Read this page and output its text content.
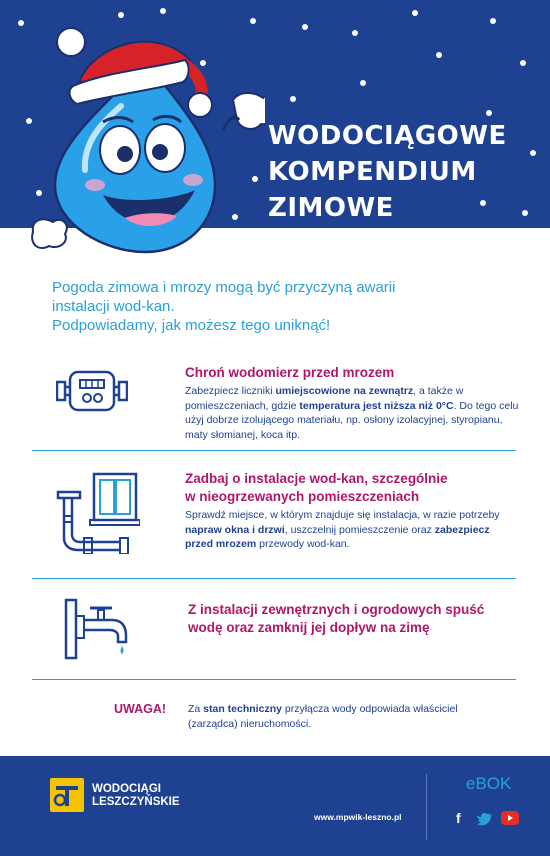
WODOCIĄGOWE
KOMPENDIUM
ZIMOWE
Pogoda zimowa i mrozy mogą być przyczyną awarii
instalacji wod-kan.
Podpowiadamy, jak możesz tego uniknąć!
Chroń wodomierz przed mrozem
Zabezpiecz liczniki umiejscowione na zewnątrz, a także w pomieszczeniach, gdzie temperatura jest niższa niż 0°C. Do tego celu użyj dobrze izolującego materiału, np. osłony izolacyjnej, styropianu, maty słomianej, koca itp.
Zadbaj o instalacje wod-kan, szczególnie
w nieogrzewanych pomieszczeniach
Sprawdź miejsce, w którym znajduje się instalacja, w razie potrzeby napraw okna i drzwi, uszczelnij pomieszczenie oraz zabezpiecz przed mrozem przewody wod-kan.
Z instalacji zewnętrznych i ogrodowych spuść
wodę oraz zamknij jej dopływ na zimę
UWAGA! Za stan techniczny przyłącza wody odpowiada właściciel (zarządca) nieruchomości.
WODOCIĄGI
LESZCZYŃSKIE
www.mpwik-leszno.pl
eBOK
f
